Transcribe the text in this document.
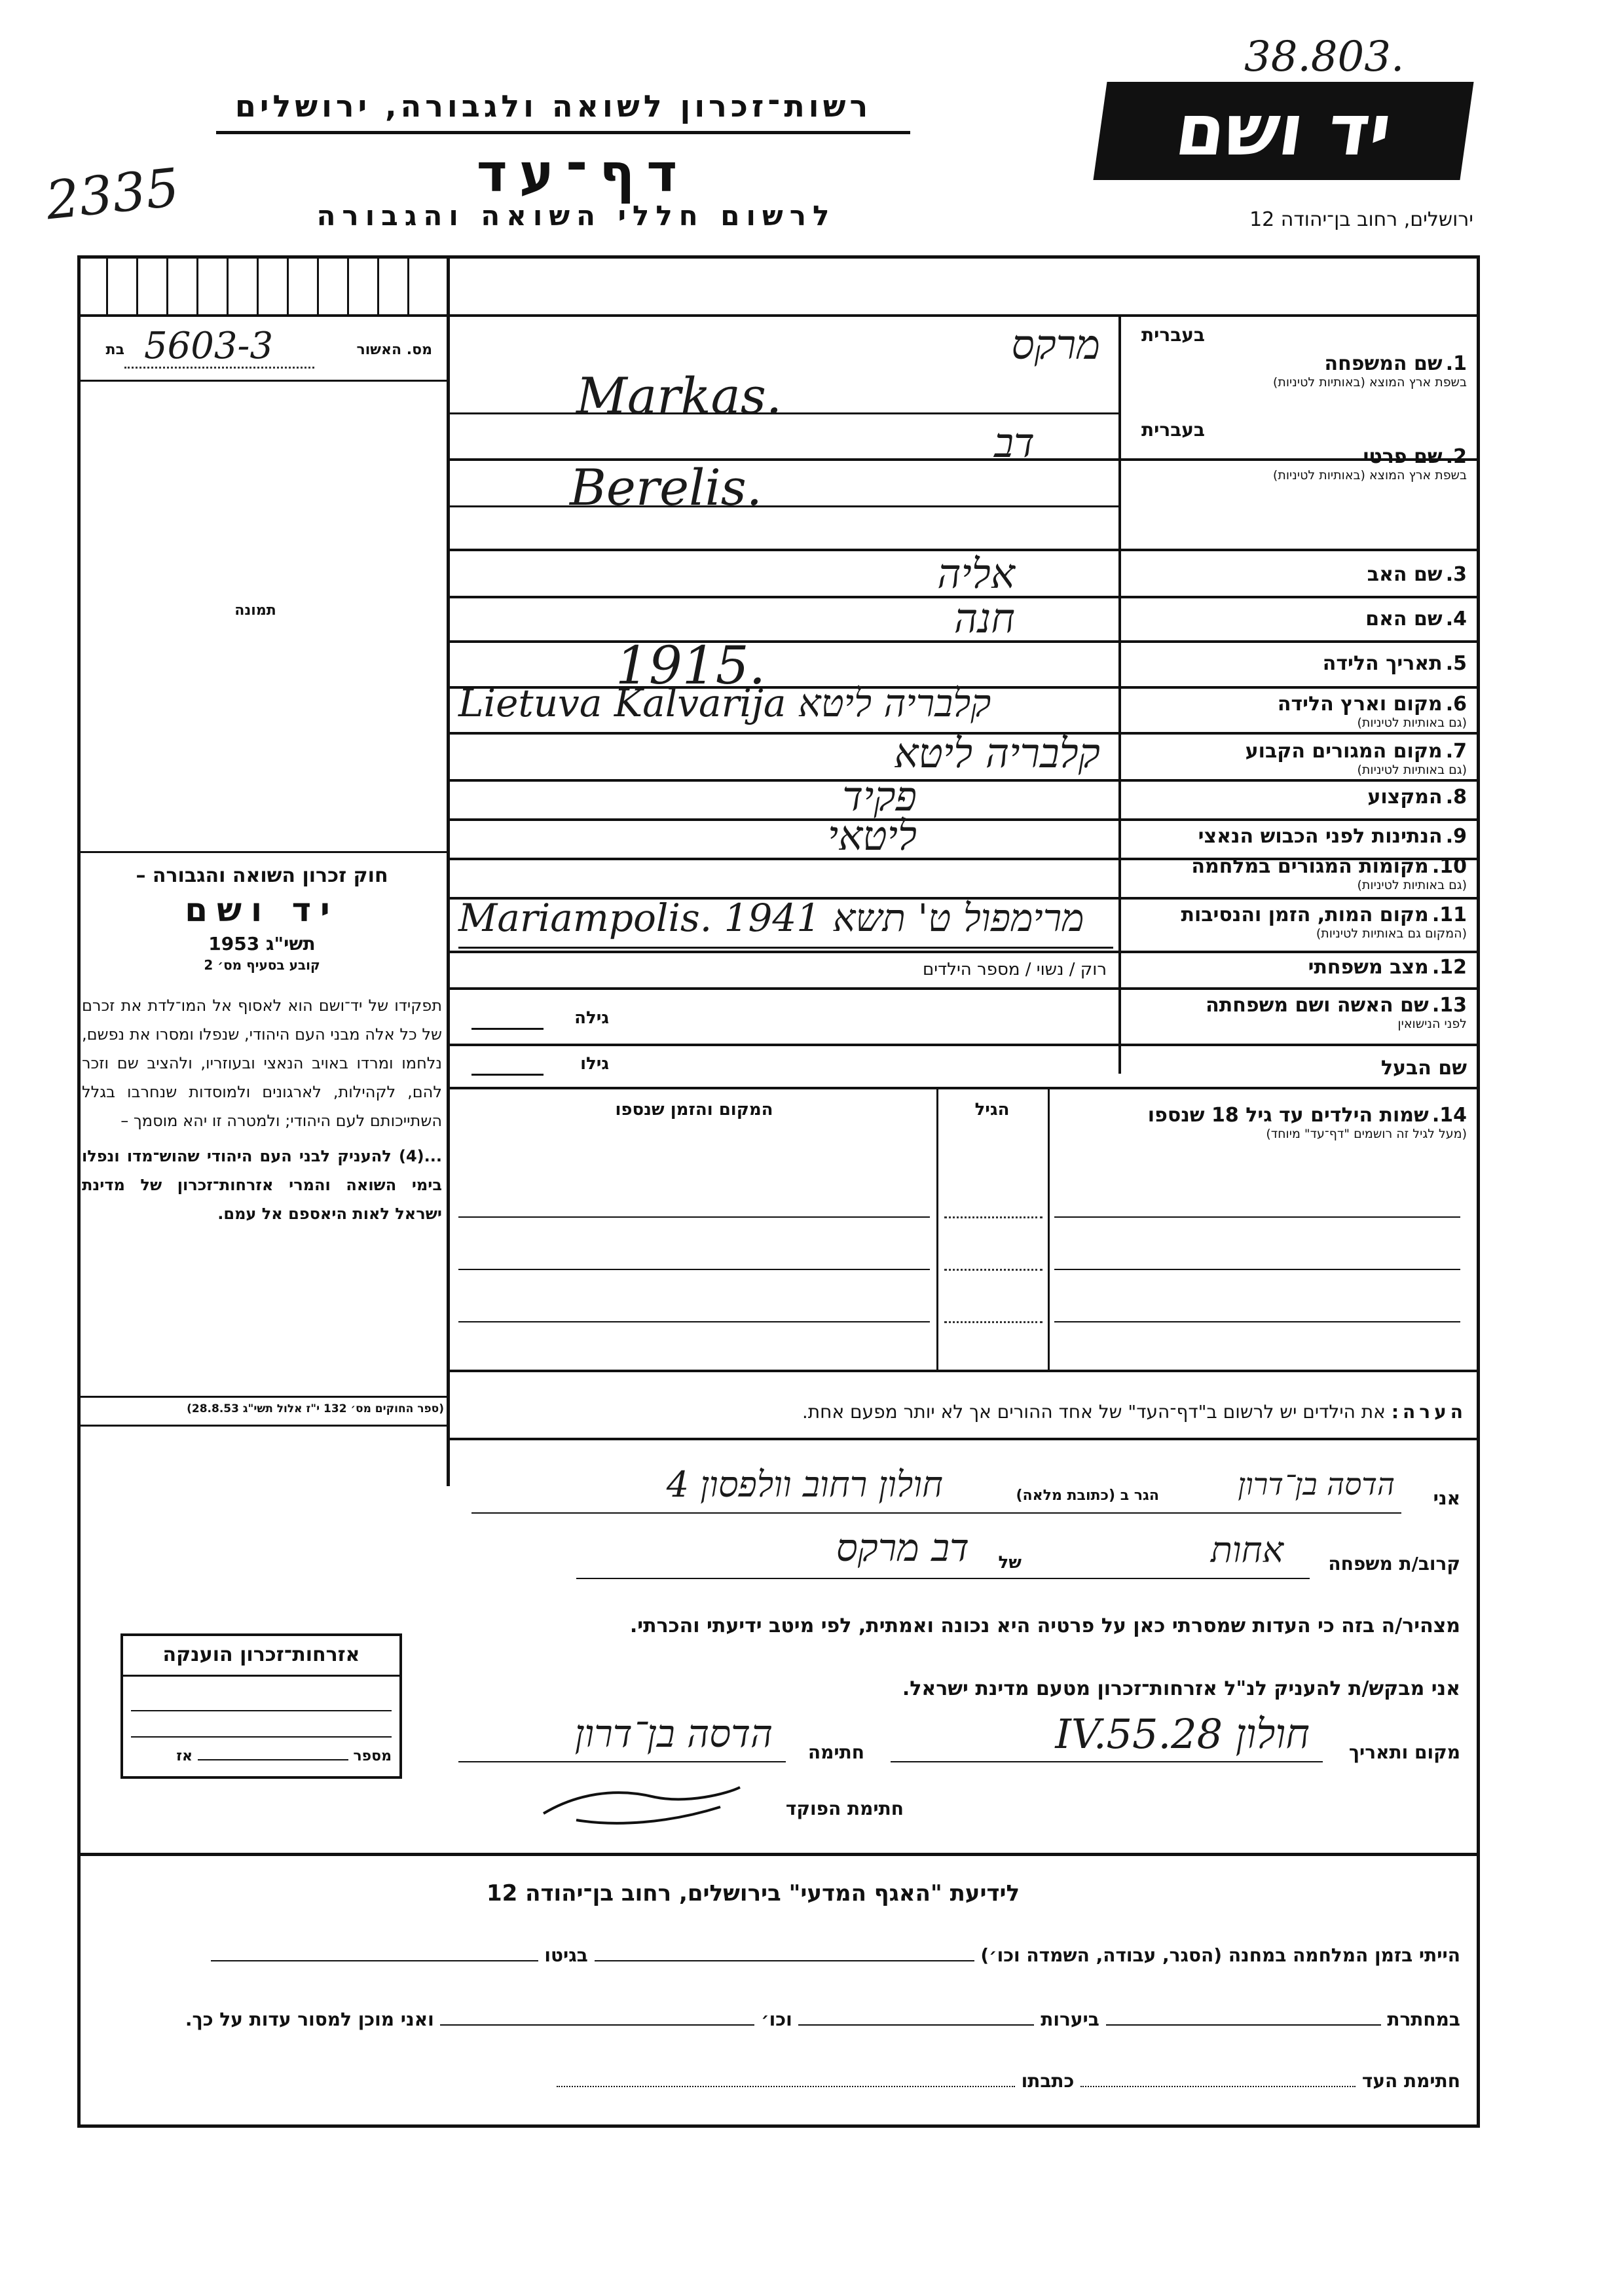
38.803.
2335
יד ושם
רשות־זכרון לשואה ולגבורה, ירושלים
דף־עד
לרשום חללי השואה והגבורה	ירושלים, רחוב בן־יהודה 12
מס. האשור
בת 5603-3
תמונה
בעברית
1. שם המשפחה
בשפת ארץ המוצא (באותיות לטיניות)
מרקס
Markas.
בעברית
2. שם פרטי
בשפת ארץ המוצא (באותיות לטיניות)
דב
Berelis.
3. שם האב
אליה
4. שם האם
חנה
5. תאריך הלידה
1915.
6. מקום וארץ הלידה
(גם באותיות לטיניות)
Lietuva Kalvarija קלבריה ליטא
7. מקום המגורים הקבוע
(גם באותיות לטיניות)
קלבריה ליטא
8. המקצוע
פקיד
9. הנתינות לפני הכבוש הנאצי
ליטאי
10. מקומות המגורים במלחמה
(גם באותיות לטיניות)
11. מקום המות, הזמן והנסיבות
(המקום גם באותיות לטיניות)
Mariampolis. 1941 מרימפול ט' תשא
12. מצב משפחתי
רוק / נשוי / מספר הילדים
13. שם האשה ושם משפחתה
לפני הנישואין
גילה
שם הבעל
גילו
14. שמות הילדים עד גיל 18 שנספו
(מעל לגיל זה רושמים "דף־עד" מיוחד)
הגיל
המקום והזמן שנספו
חוק זכרון השואה והגבורה –
יד ושם
תשי"ג 1953
קובע בסעיף מס׳ 2
תפקידו של יד־ושם הוא לאסוף אל המו־לדת את זכרם של כל אלה מבני העם היהודי, שנפלו ומסרו את נפשם, נלחמו ומרדו באויב הנאצי ובעוזריו, ולהציב שם וזכר להם, לקהילות, לארגונים ולמוסדות שנחרבו בגלל השתייכותם לעם היהודי; ולמטרה זו יהא מוסמך –
...(4) להעניק לבני העם היהודי שהוש־מדו ונפלו בימי השואה והמרי אזרחות־זכרון של מדינת ישראל לאות היאספם אל עמם.
(ספר החוקים מס׳ 132 י"ז אלול תשי"ג 28.8.53)	הערה: את הילדים יש לרשום ב"דף־העד" של אחד ההורים אך לא יותר מפעם אחת.
אני
הדסה בן־דרון
הגר ב (כתובת מלאה)
חולון רחוב וולפסון 4
קרוב/ת משפחה
אחות
של
דב מרקס
מצהיר/ה בזה כי העדות שמסרתי כאן על פרטיה היא נכונה ואמתית, לפי מיטב ידיעתי והכרתי.
אני מבקש/ת להעניק לנ"ל אזרחות־זכרון מטעם מדינת ישראל.
מקום ותאריך
חולון 28.IV.55
חתימה
הדסה בן־דרון
חתימת הפוקד
אזרחות־זכרון הוענקה
מספר  אז
לידיעת "האגף המדעי" בירושלים, רחוב בן־יהודה 12
הייתי בזמן המלחמה במחנה (הסגר, עבודה, השמדה וכו׳)  בגיטו
במחתרת  ביערות  וכו׳  ואני מוכן למסור עדות על כך.
חתימת העד  כתבתו
